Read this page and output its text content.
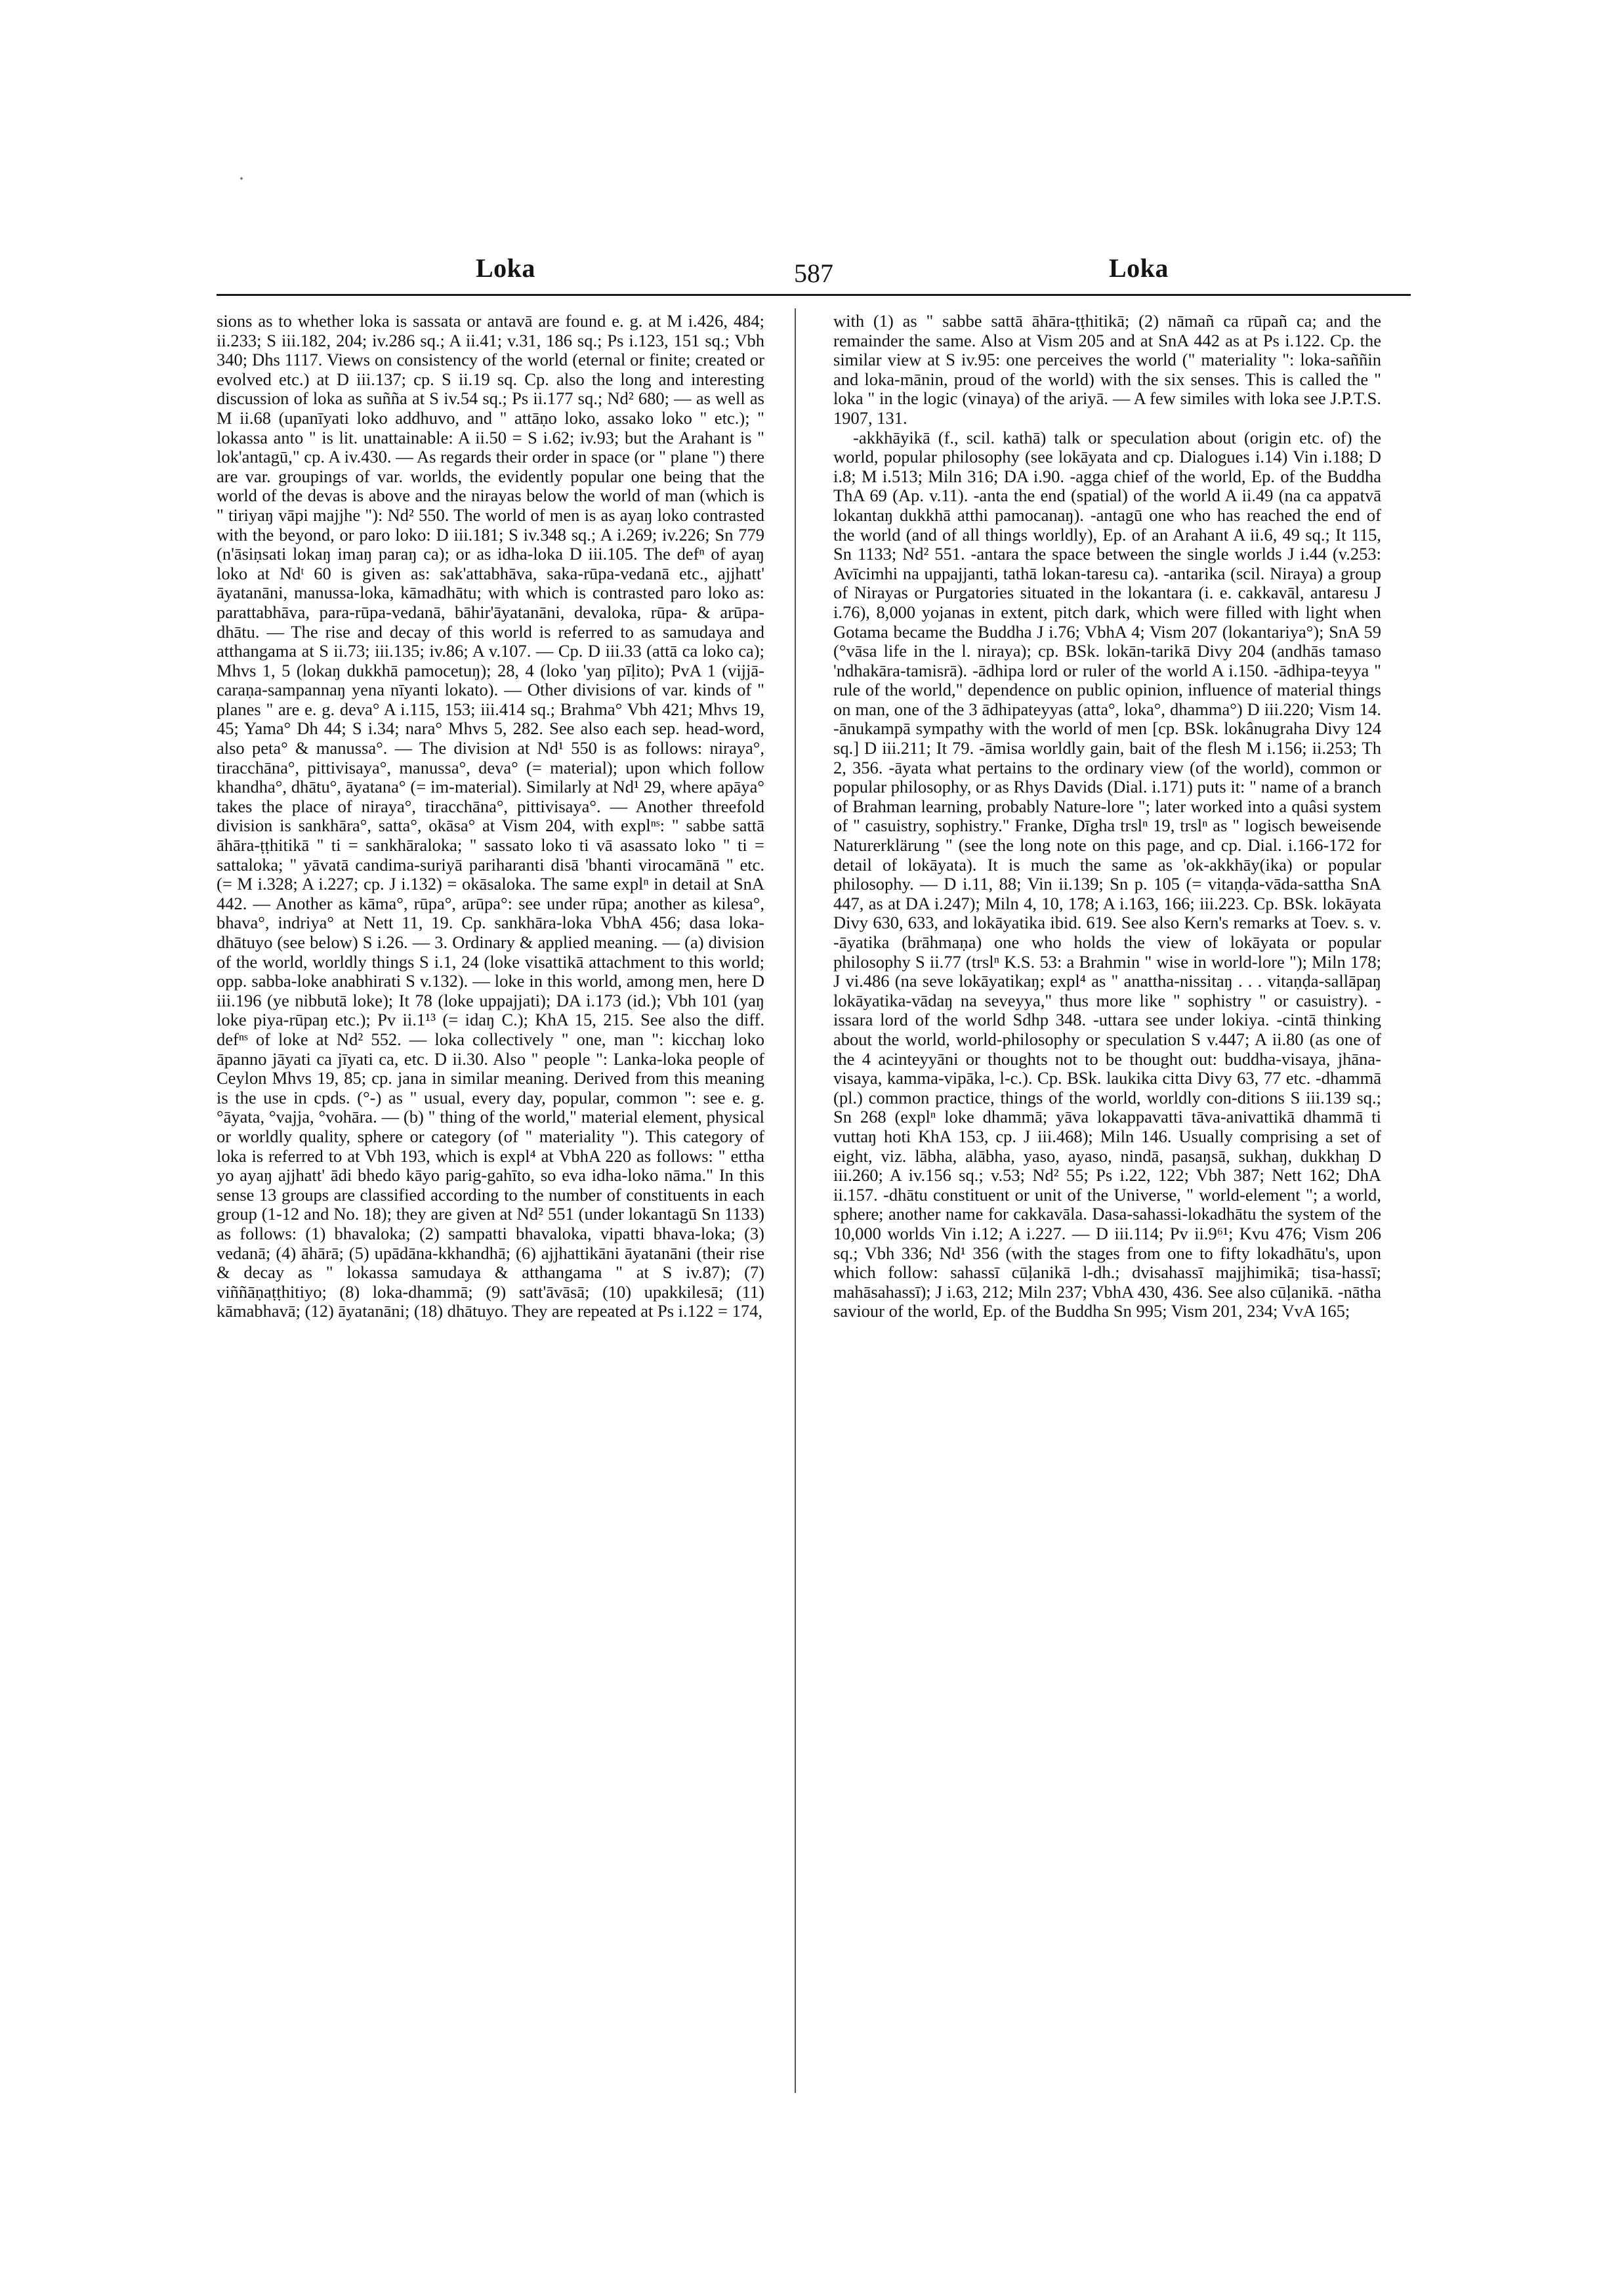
Loka	587	Loka

sions as to whether loka is sassata or antavā are found e. g. at M i.426, 484; ii.233; S iii.182, 204; iv.286 sq.; A ii.41; v.31, 186 sq.; Ps i.123, 151 sq.; Vbh 340; Dhs 1117. Views on consistency of the world (eternal or finite; created or evolved etc.) at D iii.137; cp. S ii.19 sq. Cp. also the long and interesting discussion of loka as suñña at S iv.54 sq.; Ps ii.177 sq.; Nd² 680; — as well as M ii.68 (upanīyati loko addhuvo, and " attāṇo loko, assako loko " etc.); " lokassa anto " is lit. unattainable: A ii.50 = S i.62; iv.93; but the Arahant is " lok'antagū," cp. A iv.430. — As regards their order in space (or " plane ") there are var. groupings of var. worlds, the evidently popular one being that the world of the devas is above and the nirayas below the world of man (which is " tiriyaŋ vāpi majjhe "): Nd² 550. The world of men is as ayaŋ loko contrasted with the beyond, or paro loko: D iii.181; S iv.348 sq.; A i.269; iv.226; Sn 779 (n'āsiṇsati lokaŋ imaŋ paraŋ ca); or as idha-loka D iii.105. The defⁿ of ayaŋ loko at Ndᵗ 60 is given as: sak'attabhāva, saka-rūpa-vedanā etc., ajjhatt' āyatanāni, manussa-loka, kāmadhātu; with which is contrasted paro loko as: parattabhāva, para-rūpa-vedanā, bāhir'āyatanāni, devaloka, rūpa- & arūpa-dhātu. — The rise and decay of this world is referred to as samudaya and atthangama at S ii.73; iii.135; iv.86; A v.107. — Cp. D iii.33 (attā ca loko ca); Mhvs 1, 5 (lokaŋ dukkhā pamocetuŋ); 28, 4 (loko 'yaŋ pīḷito); PvA 1 (vijjā-caraṇa-sampannaŋ yena nīyanti lokato). — Other divisions of var. kinds of " planes " are e. g. deva° A i.115, 153; iii.414 sq.; Brahma° Vbh 421; Mhvs 19, 45; Yama° Dh 44; S i.34; nara° Mhvs 5, 282. See also each sep. head-word, also peta° & manussa°. — The division at Nd¹ 550 is as follows: niraya°, tiracchāna°, pittivisaya°, manussa°, deva° (= material); upon which follow khandha°, dhātu°, āyatana° (= im-material). Similarly at Nd¹ 29, where apāya° takes the place of niraya°, tiracchāna°, pittivisaya°. — Another threefold division is sankhāra°, satta°, okāsa° at Vism 204, with explⁿˢ: " sabbe sattā āhāra-ṭṭhitikā " ti = sankhāraloka; " sassato loko ti vā asassato loko " ti = sattaloka; " yāvatā candima-suriyā pariharanti disā 'bhanti virocamānā " etc. (= M i.328; A i.227; cp. J i.132) = okāsaloka. The same explⁿ in detail at SnA 442. — Another as kāma°, rūpa°, arūpa°: see under rūpa; another as kilesa°, bhava°, indriya° at Nett 11, 19. Cp. sankhāra-loka VbhA 456; dasa loka-dhātuyo (see below) S i.26. — 3. Ordinary & applied meaning. — (a) division of the world, worldly things S i.1, 24 (loke visattikā attachment to this world; opp. sabba-loke anabhirati S v.132). — loke in this world, among men, here D iii.196 (ye nibbutā loke); It 78 (loke uppajjati); DA i.173 (id.); Vbh 101 (yaŋ loke piya-rūpaŋ etc.); Pv ii.1¹³ (= idaŋ C.); KhA 15, 215. See also the diff. defⁿˢ of loke at Nd² 552. — loka collectively " one, man ": kicchaŋ loko āpanno jāyati ca jīyati ca, etc. D ii.30. Also " people ": Lanka-loka people of Ceylon Mhvs 19, 85; cp. jana in similar meaning. Derived from this meaning is the use in cpds. (°-) as " usual, every day, popular, common ": see e. g. °āyata, °vajja, °vohāra. — (b) " thing of the world," material element, physical or worldly quality, sphere or category (of " materiality "). This category of loka is referred to at Vbh 193, which is expl⁴ at VbhA 220 as follows: " ettha yo ayaŋ ajjhatt' ādi bhedo kāyo parig-gahīto, so eva idha-loko nāma." In this sense 13 groups are classified according to the number of constituents in each group (1-12 and No. 18); they are given at Nd² 551 (under lokantagū Sn 1133) as follows: (1) bhavaloka; (2) sampatti bhavaloka, vipatti bhava-loka; (3) vedanā; (4) āhārā; (5) upādāna-kkhandhā; (6) ajjhattikāni āyatanāni (their rise & decay as " lokassa samudaya & atthangama " at S iv.87); (7) viññāṇaṭṭhitiyo; (8) loka-dhammā; (9) satt'āvāsā; (10) upakkilesā; (11) kāmabhavā; (12) āyatanāni; (18) dhātuyo. They are repeated at Ps i.122 = 174,

with (1) as " sabbe sattā āhāra-ṭṭhitikā; (2) nāmañ ca rūpañ ca; and the remainder the same. Also at Vism 205 and at SnA 442 as at Ps i.122. Cp. the similar view at S iv.95: one perceives the world (" materiality ": loka-saññin and loka-mānin, proud of the world) with the six senses. This is called the " loka " in the logic (vinaya) of the ariyā. — A few similes with loka see J.P.T.S. 1907, 131.

-akkhāyikā (f., scil. kathā) talk or speculation about (origin etc. of) the world, popular philosophy (see lokāyata and cp. Dialogues i.14) Vin i.188; D i.8; M i.513; Miln 316; DA i.90. -agga chief of the world, Ep. of the Buddha ThA 69 (Ap. v.11). -anta the end (spatial) of the world A ii.49 (na ca appatvā lokantaŋ dukkhā atthi pamocanaŋ). -antagū one who has reached the end of the world (and of all things worldly), Ep. of an Arahant A ii.6, 49 sq.; It 115, Sn 1133; Nd² 551. -antara the space between the single worlds J i.44 (v.253: Avīcimhi na uppajjanti, tathā lokan-taresu ca). -antarika (scil. Niraya) a group of Nirayas or Purgatories situated in the lokantara (i. e. cakkavāl, antaresu J i.76), 8,000 yojanas in extent, pitch dark, which were filled with light when Gotama became the Buddha J i.76; VbhA 4; Vism 207 (lokantariya°); SnA 59 (°vāsa life in the l. niraya); cp. BSk. lokān-tarikā Divy 204 (andhās tamaso 'ndhakāra-tamisrā). -ādhipa lord or ruler of the world A i.150. -ādhipa-teyya " rule of the world," dependence on public opinion, influence of material things on man, one of the 3 ādhipateyyas (atta°, loka°, dhamma°) D iii.220; Vism 14. -ānukampā sympathy with the world of men [cp. BSk. lokânugraha Divy 124 sq.] D iii.211; It 79. -āmisa worldly gain, bait of the flesh M i.156; ii.253; Th 2, 356. -āyata what pertains to the ordinary view (of the world), common or popular philosophy, or as Rhys Davids (Dial. i.171) puts it: " name of a branch of Brahman learning, probably Nature-lore "; later worked into a quâsi system of " casuistry, sophistry." Franke, Dīgha trslⁿ 19, trslⁿ as " logisch beweisende Naturerklärung " (see the long note on this page, and cp. Dial. i.166-172 for detail of lokāyata). It is much the same as 'ok-akkhāy(ika) or popular philosophy. — D i.11, 88; Vin ii.139; Sn p. 105 (= vitaṇḍa-vāda-sattha SnA 447, as at DA i.247); Miln 4, 10, 178; A i.163, 166; iii.223. Cp. BSk. lokāyata Divy 630, 633, and lokāyatika ibid. 619. See also Kern's remarks at Toev. s. v. -āyatika (brāhmaṇa) one who holds the view of lokāyata or popular philosophy S ii.77 (trslⁿ K.S. 53: a Brahmin " wise in world-lore "); Miln 178; J vi.486 (na seve lokāyatikaŋ; expl⁴ as " anattha-nissitaŋ . . . vitaṇḍa-sallāpaŋ lokāyatika-vādaŋ na seveyya," thus more like " sophistry " or casuistry). -issara lord of the world Sdhp 348. -uttara see under lokiya. -cintā thinking about the world, world-philosophy or speculation S v.447; A ii.80 (as one of the 4 acinteyyāni or thoughts not to be thought out: buddha-visaya, jhāna-visaya, kamma-vipāka, l-c.). Cp. BSk. laukika citta Divy 63, 77 etc. -dhammā (pl.) common practice, things of the world, worldly con-ditions S iii.139 sq.; Sn 268 (explⁿ loke dhammā; yāva lokappavatti tāva-anivattikā dhammā ti vuttaŋ hoti KhA 153, cp. J iii.468); Miln 146. Usually comprising a set of eight, viz. lābha, alābha, yaso, ayaso, nindā, pasaŋsā, sukhaŋ, dukkhaŋ D iii.260; A iv.156 sq.; v.53; Nd² 55; Ps i.22, 122; Vbh 387; Nett 162; DhA ii.157. -dhātu constituent or unit of the Universe, " world-element "; a world, sphere; another name for cakkavāla. Dasa-sahassi-lokadhātu the system of the 10,000 worlds Vin i.12; A i.227. — D iii.114; Pv ii.9⁶¹; Kvu 476; Vism 206 sq.; Vbh 336; Nd¹ 356 (with the stages from one to fifty lokadhātu's, upon which follow: sahassī cūḷanikā l-dh.; dvisahassī majjhimikā; tisa-hassī; mahāsahassī); J i.63, 212; Miln 237; VbhA 430, 436. See also cūḷanikā. -nātha saviour of the world, Ep. of the Buddha Sn 995; Vism 201, 234; VvA 165;
